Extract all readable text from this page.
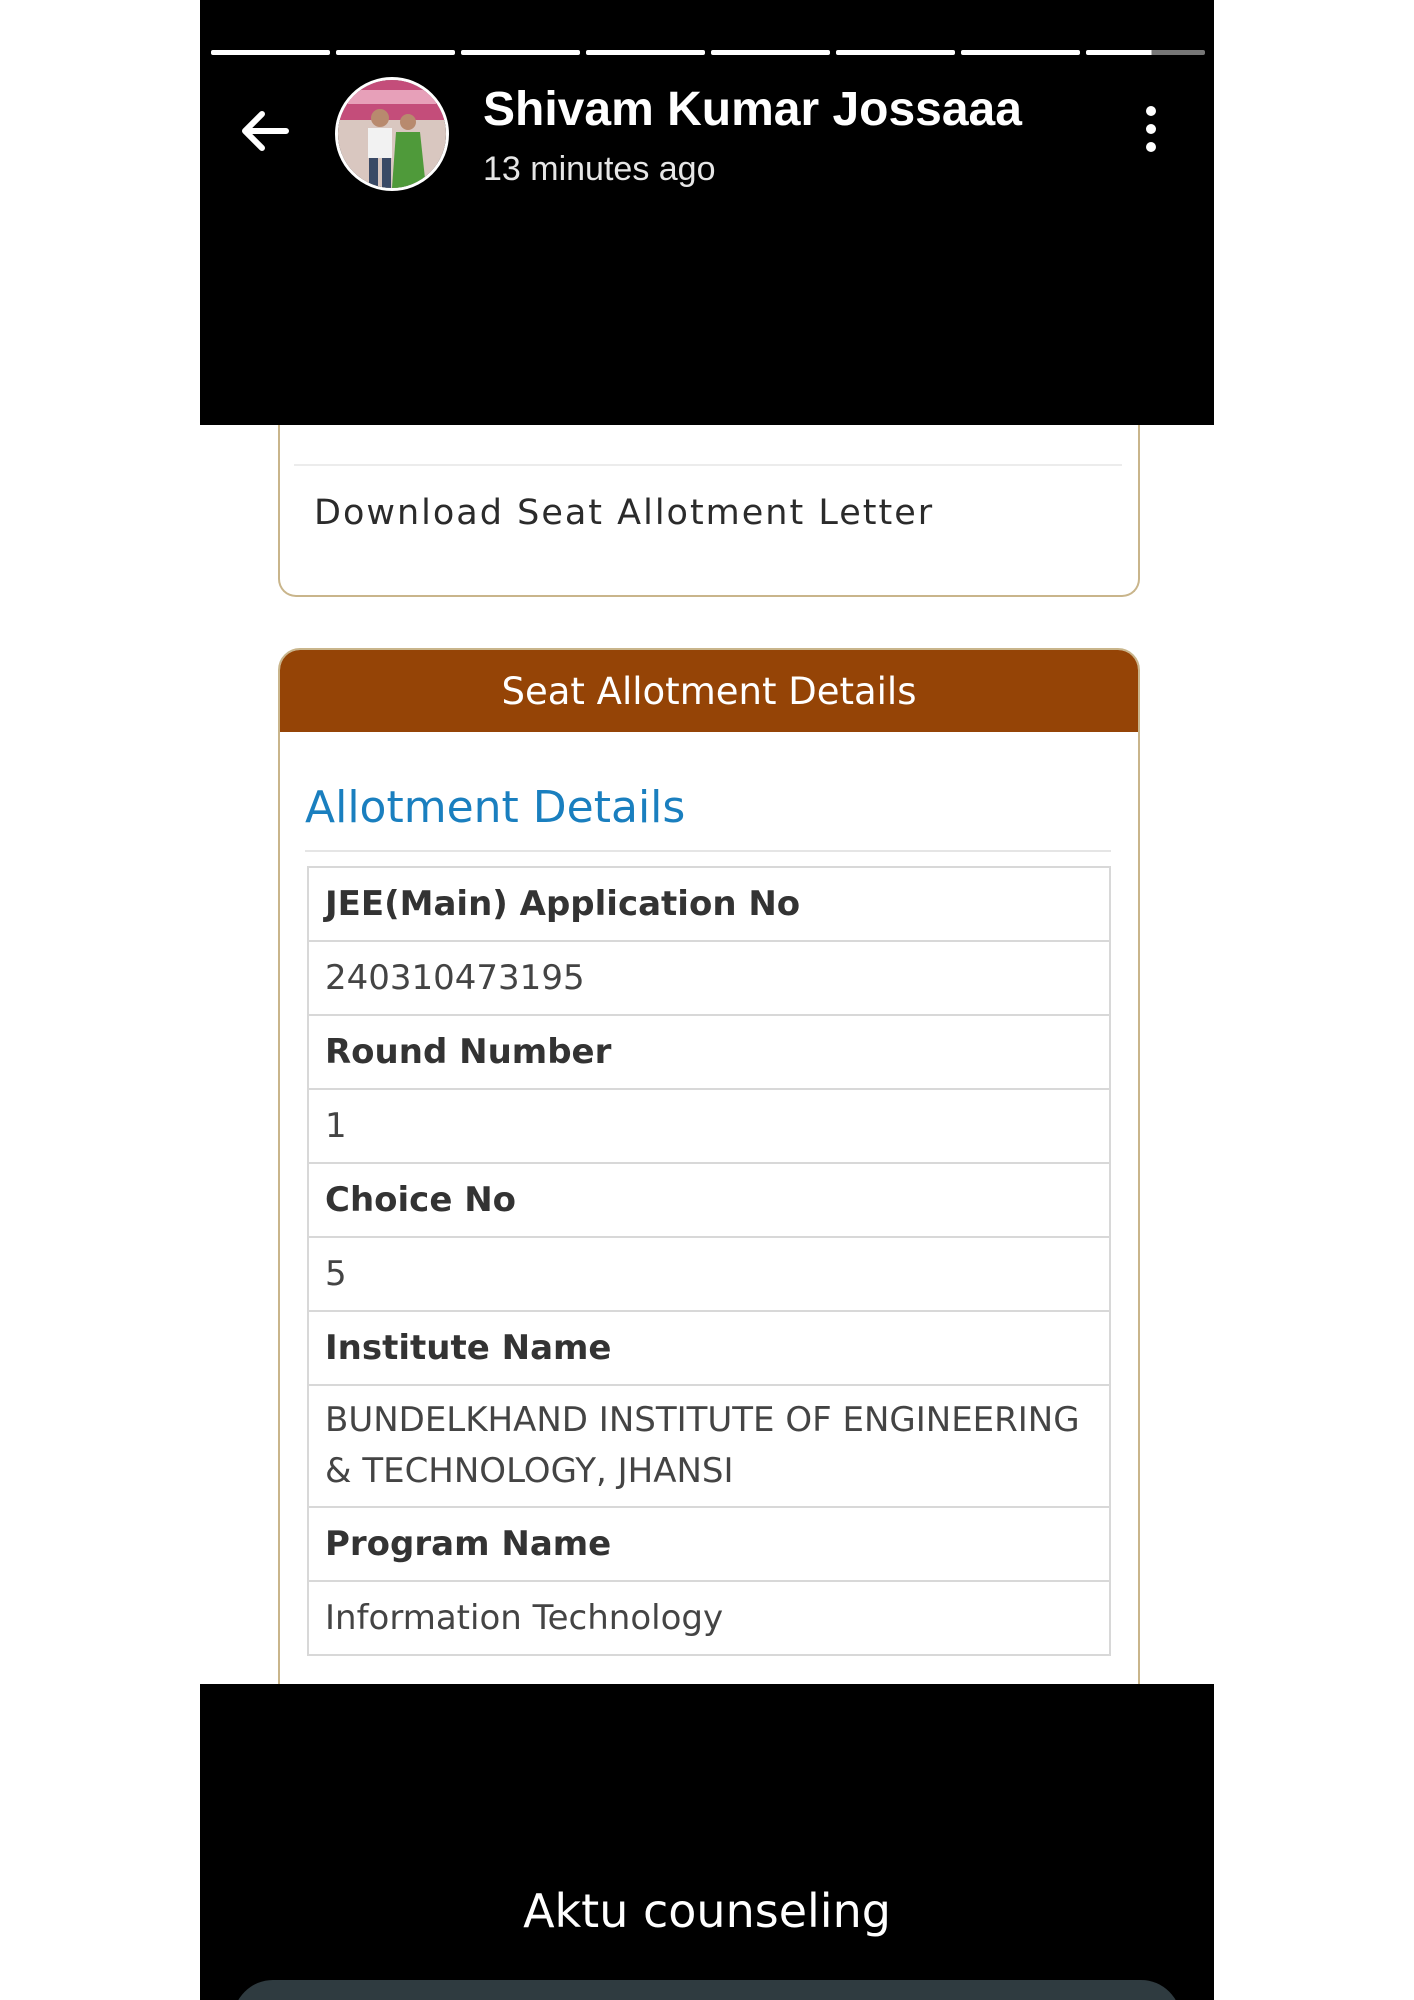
Download Seat Allotment Letter
Seat Allotment Details
Allotment Details
JEE(Main) Application No
240310473195
Round Number
1
Choice No
5
Institute Name
BUNDELKHAND INSTITUTE OF ENGINEERING & TECHNOLOGY, JHANSI
Program Name
Information Technology
Shivam Kumar Jossaaa
13 minutes ago
Aktu counseling
